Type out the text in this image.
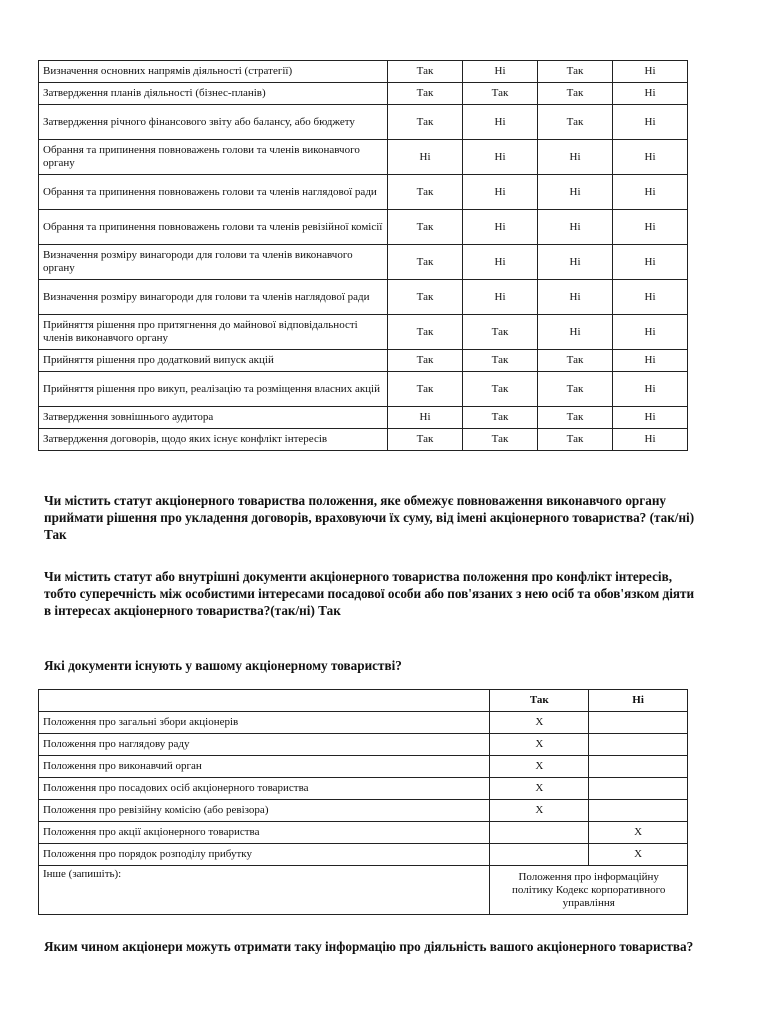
Визначення основних напрямів діяльності (стратегії)	Так	Ні	Так	Ні
Затвердження планів діяльності (бізнес-планів)	Так	Так	Так	Ні
Затвердження річного фінансового звіту або балансу, або бюджету	Так	Ні	Так	Ні
Обрання та припинення повноважень голови та членів виконавчого органу	Ні	Ні	Ні	Ні
Обрання та припинення повноважень голови та членів наглядової ради	Так	Ні	Ні	Ні
Обрання та припинення повноважень голови та членів ревізійної комісії	Так	Ні	Ні	Ні
Визначення розміру винагороди для голови та членів виконавчого органу	Так	Ні	Ні	Ні
Визначення розміру винагороди для голови та членів наглядової ради	Так	Ні	Ні	Ні
Прийняття рішення про притягнення до майнової відповідальності членів виконавчого органу	Так	Так	Ні	Ні
Прийняття рішення про додатковий випуск акцій	Так	Так	Так	Ні
Прийняття рішення про викуп, реалізацію та розміщення власних акцій	Так	Так	Так	Ні
Затвердження зовнішнього аудитора	Ні	Так	Так	Ні
Затвердження договорів, щодо яких існує конфлікт інтересів	Так	Так	Так	Ні
Чи містить статут акціонерного товариства положення, яке обмежує повноваження виконавчого органу приймати рішення про укладення договорів, враховуючи їх суму, від імені акціонерного товариства? (так/ні) Так
Чи містить статут або внутрішні документи акціонерного товариства положення про конфлікт інтересів, тобто суперечність між особистими інтересами посадової особи або пов'язаних з нею осіб та обов'язком діяти в інтересах акціонерного товариства?(так/ні) Так
Які документи існують у вашому акціонерному товаристві?
	Так	Ні
Положення про загальні збори акціонерів	X	
Положення про наглядову раду	X	
Положення про виконавчий орган	X	
Положення про посадових осіб акціонерного товариства	X	
Положення про ревізійну комісію (або ревізора)	X	
Положення про акції акціонерного товариства		X
Положення про порядок розподілу прибутку		X
Інше (запишіть):	Положення про інформаційну політику Кодекс корпоративного управління	
Яким чином акціонери можуть отримати таку інформацію про діяльність вашого акціонерного товариства?
